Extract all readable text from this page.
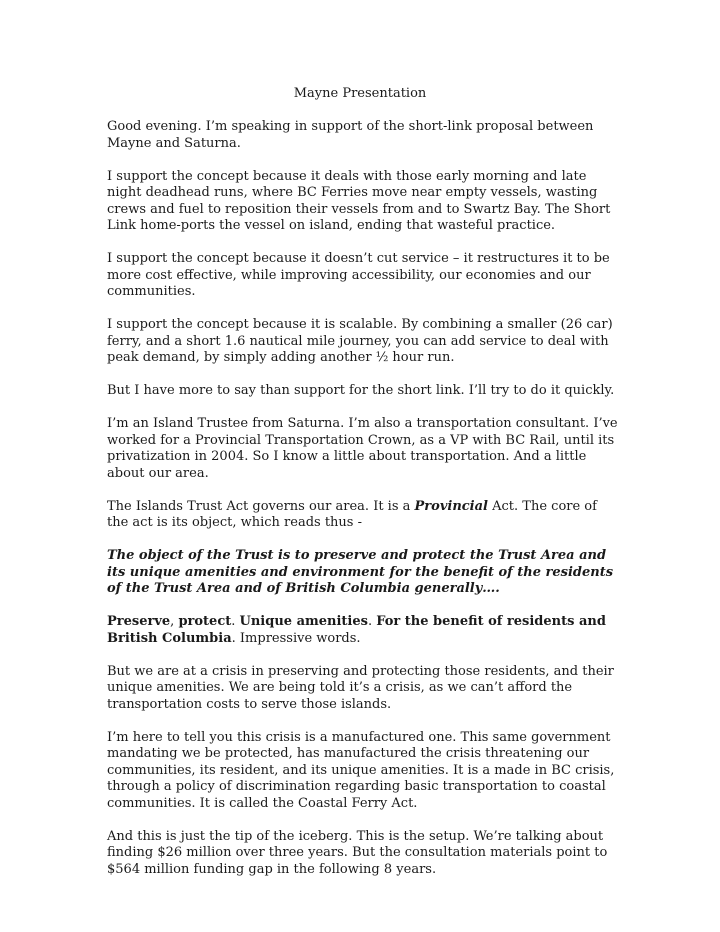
Mayne Presentation

Good evening. I’m speaking in support of the short-link proposal between Mayne and Saturna.

I support the concept because it deals with those early morning and late night deadhead runs, where BC Ferries move near empty vessels, wasting crews and fuel to reposition their vessels from and to Swartz Bay. The Short Link home-ports the vessel on island, ending that wasteful practice.

I support the concept because it doesn’t cut service – it restructures it to be more cost effective, while improving accessibility, our economies and our communities.

I support the concept because it is scalable. By combining a smaller (26 car) ferry, and a short 1.6 nautical mile journey, you can add service to deal with peak demand, by simply adding another ½ hour run.

But I have more to say than support for the short link. I’ll try to do it quickly.

I’m an Island Trustee from Saturna. I’m also a transportation consultant. I’ve worked for a Provincial Transportation Crown, as a VP with BC Rail, until its privatization in 2004. So I know a little about transportation. And a little about our area.

The Islands Trust Act governs our area. It is a Provincial Act. The core of the act is its object, which reads thus -

The object of the Trust is to preserve and protect the Trust Area and its unique amenities and environment for the benefit of the residents of the Trust Area and of British Columbia generally….

Preserve, protect. Unique amenities. For the benefit of residents and British Columbia. Impressive words.

But we are at a crisis in preserving and protecting those residents, and their unique amenities. We are being told it’s a crisis, as we can’t afford the transportation costs to serve those islands.

I’m here to tell you this crisis is a manufactured one. This same government mandating we be protected, has manufactured the crisis threatening our communities, its resident, and its unique amenities. It is a made in BC crisis, through a policy of discrimination regarding basic transportation to coastal communities. It is called the Coastal Ferry Act.

And this is just the tip of the iceberg. This is the setup. We’re talking about finding $26 million over three years. But the consultation materials point to $564 million funding gap in the following 8 years.
